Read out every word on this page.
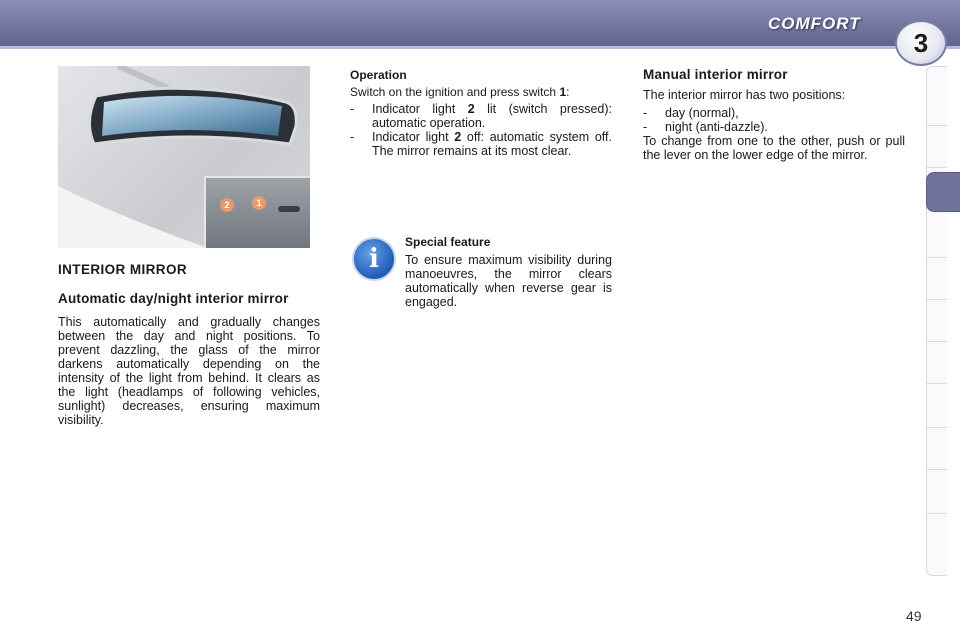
COMFORT
3
2	1
INTERIOR MIRROR
Automatic day/night interior mirror

This automatically and gradually changes between the day and night positions. To prevent dazzling, the glass of the mirror darkens automatically depending on the intensity of the light from behind. It clears as the light (headlamps of following vehicles, sunlight) decreases, ensuring maximum visibility.

Operation

Switch on the ignition and press switch 1:

-	Indicator light 2 lit (switch pressed): automatic operation.
-	Indicator light 2 off: automatic system off. The mirror remains at its most clear.
i
Special feature

To ensure maximum visibility during manoeuvres, the mirror clears automatically when reverse gear is engaged.

Manual interior mirror

The interior mirror has two positions:

-	day (normal),
-	night (anti-dazzle).

To change from one to the other, push or pull the lever on the lower edge of the mirror.

49
